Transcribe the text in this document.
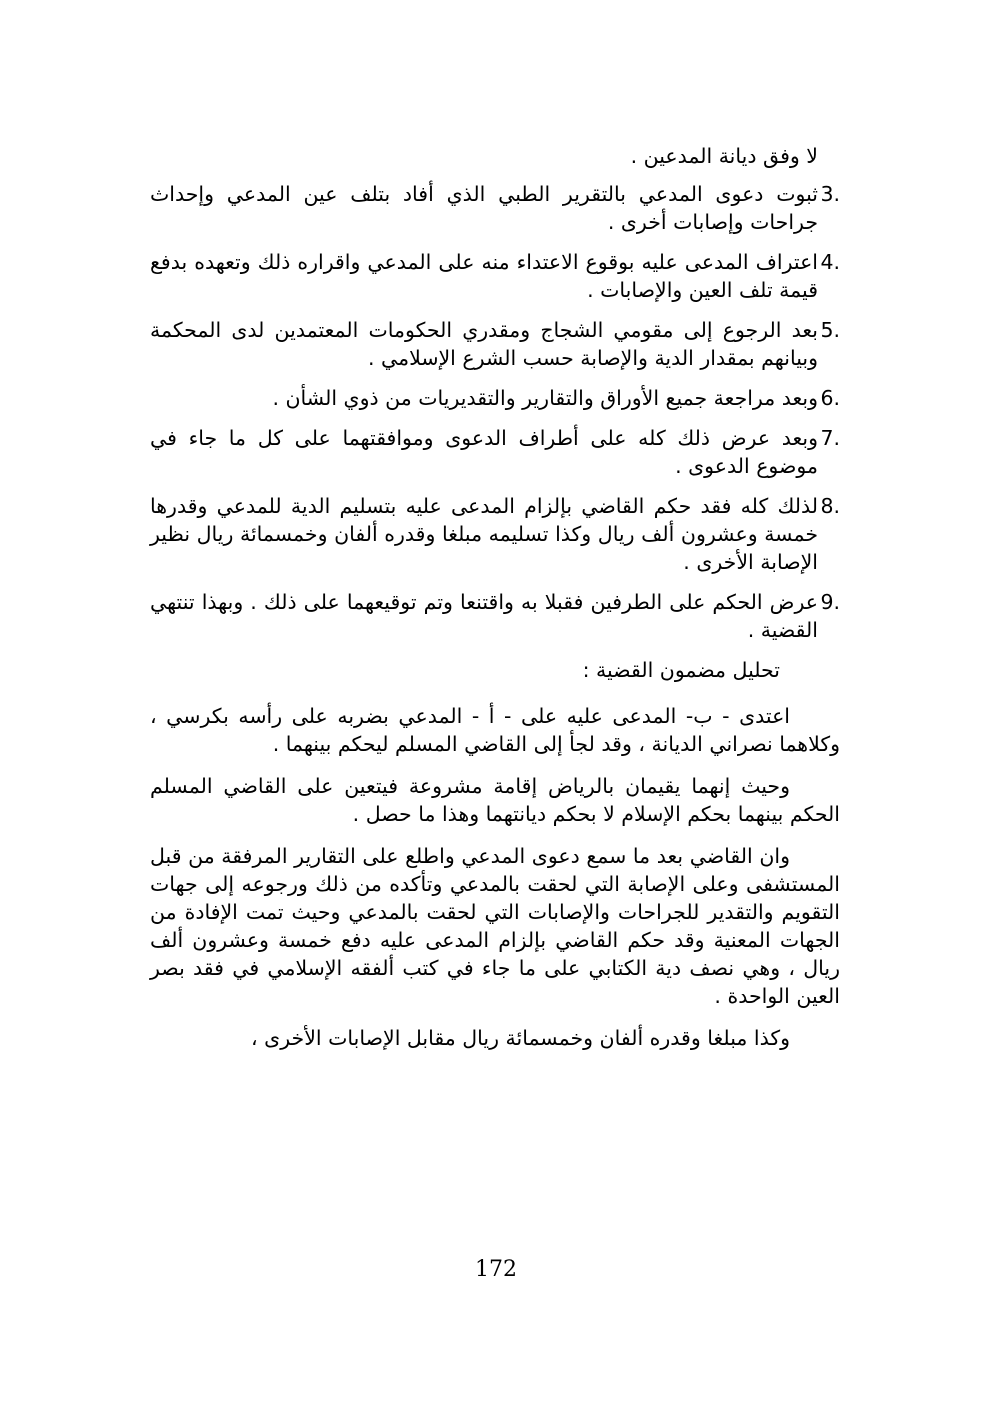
لا وفق ديانة المدعين .
3.
ثبوت دعوى المدعي بالتقرير الطبي الذي أفاد بتلف عين المدعي وإحداث جراحات وإصابات أخرى .
4.
اعتراف المدعى عليه بوقوع الاعتداء منه على المدعي واقراره ذلك وتعهده بدفع قيمة تلف العين والإصابات .
5.
بعد الرجوع إلى مقومي الشجاج ومقدري الحكومات المعتمدين لدى المحكمة وبيانهم بمقدار الدية والإصابة حسب الشرع الإسلامي .
6.
وبعد مراجعة جميع الأوراق والتقارير والتقديريات من ذوي الشأن .
7.
وبعد عرض ذلك كله على أطراف الدعوى وموافقتهما على كل ما جاء في موضوع الدعوى .
8.
لذلك كله فقد حكم القاضي بإلزام المدعى عليه بتسليم الدية للمدعي وقدرها خمسة وعشرون ألف ريال وكذا تسليمه مبلغا وقدره ألفان وخمسمائة ريال نظير الإصابة الأخرى .
9.
عرض الحكم على الطرفين فقبلا به واقتنعا وتم توقيعهما على ذلك . وبهذا تنتهي القضية .
تحليل مضمون القضية :

اعتدى - ب- المدعى عليه على - أ - المدعي بضربه على رأسه بكرسي ، وكلاهما نصراني الديانة ، وقد لجأ إلى القاضي المسلم ليحكم بينهما .

وحيث إنهما يقيمان بالرياض إقامة مشروعة فيتعين على القاضي المسلم الحكم بينهما بحكم الإسلام لا بحكم ديانتهما وهذا ما حصل .

وان القاضي بعد ما سمع دعوى المدعي واطلع على التقارير المرفقة من قبل المستشفى وعلى الإصابة التي لحقت بالمدعي وتأكده من ذلك ورجوعه إلى جهات التقويم والتقدير للجراحات والإصابات التي لحقت بالمدعي وحيث تمت الإفادة من الجهات المعنية وقد حكم القاضي بإلزام المدعى عليه دفع خمسة وعشرون ألف ريال ، وهي نصف دية الكتابي على ما جاء في كتب ألفقه الإسلامي في فقد بصر العين الواحدة .

وكذا مبلغا وقدره ألفان وخمسمائة ريال مقابل الإصابات الأخرى ،

172
